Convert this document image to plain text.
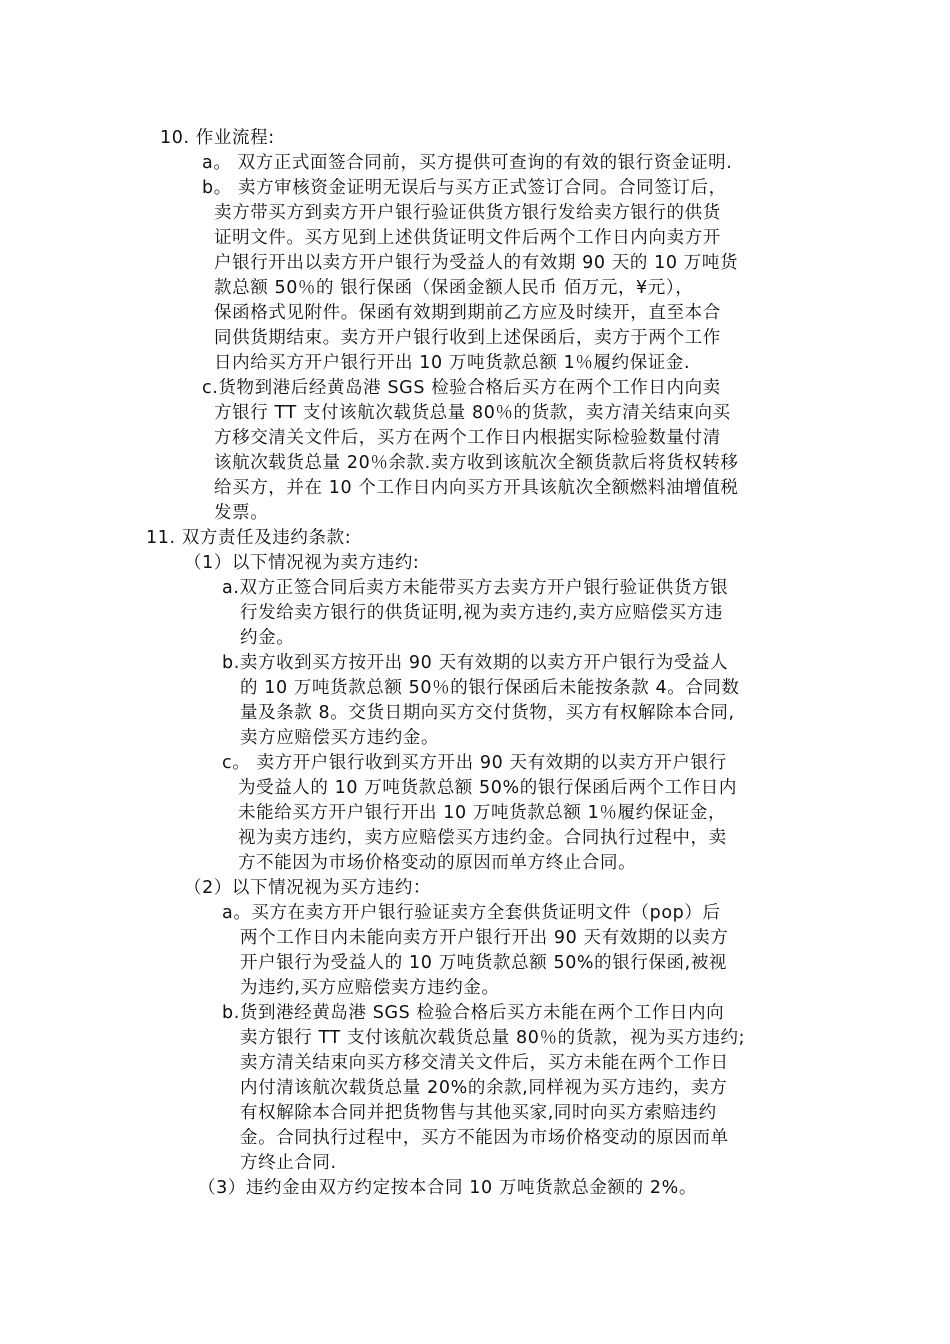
10. 作业流程:
a。 双方正式面签合同前，买方提供可查询的有效的银行资金证明.
b。 卖方审核资金证明无误后与买方正式签订合同。合同签订后，
卖方带买方到卖方开户银行验证供货方银行发给卖方银行的供货
证明文件。买方见到上述供货证明文件后两个工作日内向卖方开
户银行开出以卖方开户银行为受益人的有效期 90 天的 10 万吨货
款总额 50％的 银行保函（保函金额人民币 佰万元，¥元），
保函格式见附件。保函有效期到期前乙方应及时续开，直至本合
同供货期结束。卖方开户银行收到上述保函后，卖方于两个工作
日内给买方开户银行开出 10 万吨货款总额 1％履约保证金.
c.货物到港后经黄岛港 SGS 检验合格后买方在两个工作日内向卖
方银行 TT 支付该航次载货总量 80％的货款，卖方清关结束向买
方移交清关文件后，买方在两个工作日内根据实际检验数量付清
该航次载货总量 20％余款.卖方收到该航次全额货款后将货权转移
给买方，并在 10 个工作日内向买方开具该航次全额燃料油增值税
发票。
11. 双方责任及违约条款:
（1）以下情况视为卖方违约:
a.双方正签合同后卖方未能带买方去卖方开户银行验证供货方银
行发给卖方银行的供货证明,视为卖方违约,卖方应赔偿买方违
约金。
b.卖方收到买方按开出 90 天有效期的以卖方开户银行为受益人
的 10 万吨货款总额 50％的银行保函后未能按条款 4。合同数
量及条款 8。交货日期向买方交付货物，买方有权解除本合同,
卖方应赔偿买方违约金。
c。 卖方开户银行收到买方开出 90 天有效期的以卖方开户银行
为受益人的 10 万吨货款总额 50%的银行保函后两个工作日内
未能给买方开户银行开出 10 万吨货款总额 1％履约保证金，
视为卖方违约，卖方应赔偿买方违约金。合同执行过程中，卖
方不能因为市场价格变动的原因而单方终止合同。
（2）以下情况视为买方违约：
a。买方在卖方开户银行验证卖方全套供货证明文件（pop）后
两个工作日内未能向卖方开户银行开出 90 天有效期的以卖方
开户银行为受益人的 10 万吨货款总额 50%的银行保函,被视
为违约,买方应赔偿卖方违约金。
b.货到港经黄岛港 SGS 检验合格后买方未能在两个工作日内向
卖方银行 TT 支付该航次载货总量 80％的货款，视为买方违约;
卖方清关结束向买方移交清关文件后，买方未能在两个工作日
内付清该航次载货总量 20%的余款,同样视为买方违约，卖方
有权解除本合同并把货物售与其他买家,同时向买方索赔违约
金。合同执行过程中，买方不能因为市场价格变动的原因而单
方终止合同.
（3）违约金由双方约定按本合同 10 万吨货款总金额的 2%。
